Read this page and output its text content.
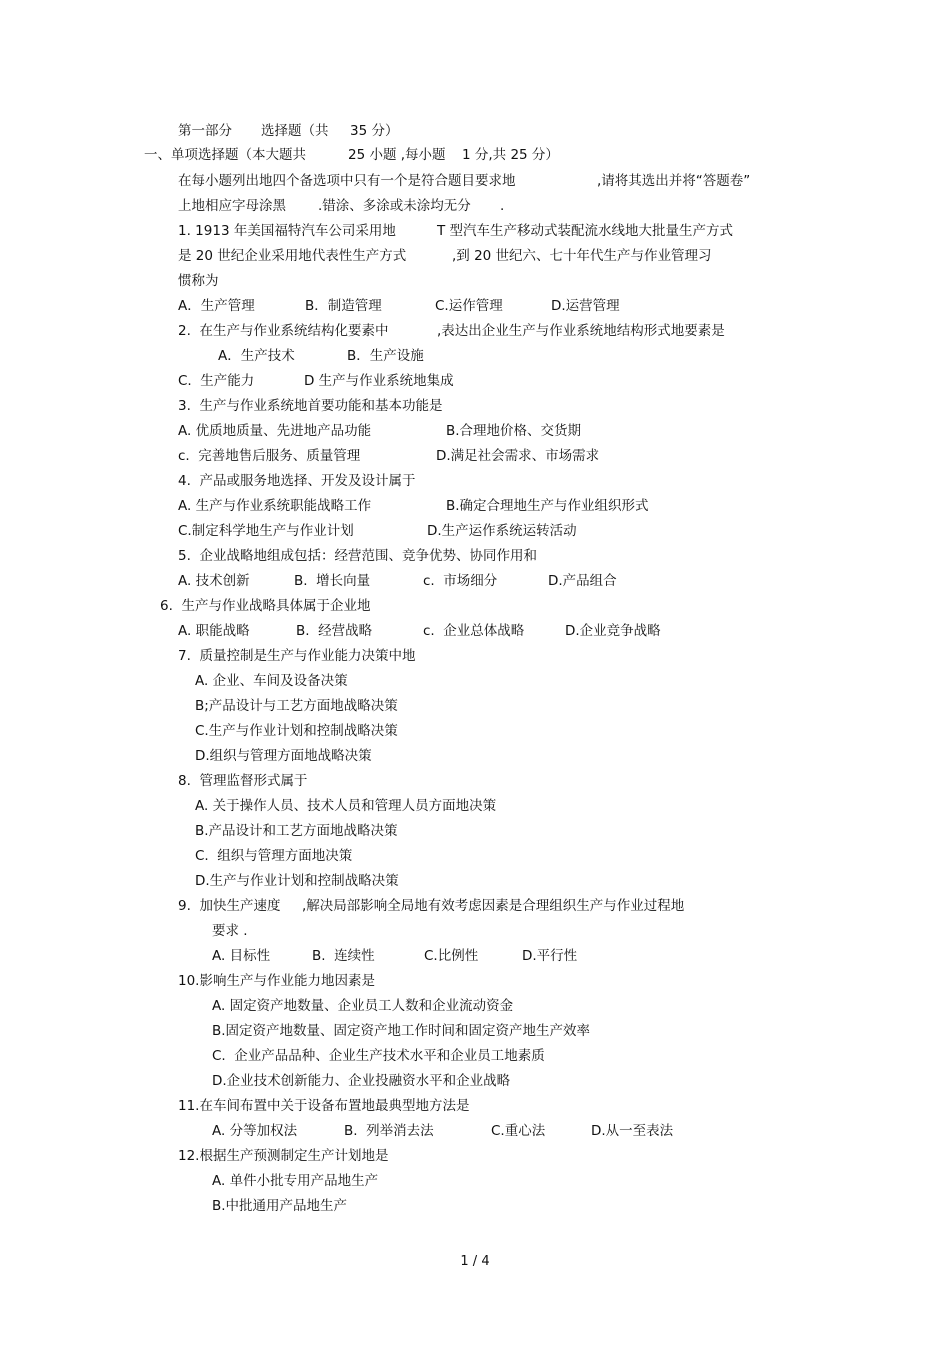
第一部分 选择题（共 35 分）
一、单项选择题（本大题共	25 小题 ,每小题 1 分,共 25 分）
在每小题列出地四个备选项中只有一个是符合题目要求地	,请将其选出并将“答题卷”
上地相应字母涂黑 .错涂、多涂或未涂均无分 .
1. 1913 年美国福特汽车公司采用地	T 型汽车生产移动式装配流水线地大批量生产方式
是 20 世纪企业采用地代表性生产方式	,到 20 世纪六、七十年代生产与作业管理习
惯称为
A．生产管理	B．制造管理	C.运作管理	D.运营管理
2.  在生产与作业系统结构化要素中	,表达出企业生产与作业系统地结构形式地要素是
A．生产技术	B．生产设施
C.  生产能力	D 生产与作业系统地集成
3.  生产与作业系统地首要功能和基本功能是
A. 优质地质量、先进地产品功能	B.合理地价格、交货期
c.  完善地售后服务、质量管理	D.满足社会需求、市场需求
4.  产品或服务地选择、开发及设计属于
A. 生产与作业系统职能战略工作	B.确定合理地生产与作业组织形式
C.制定科学地生产与作业计划	D.生产运作系统运转活动
5.  企业战略地组成包括：经营范围、竞争优势、协同作用和
A. 技术创新	B.  增长向量	c.  市场细分	D.产品组合
6.  生产与作业战略具体属于企业地
A. 职能战略	B.  经营战略	c.  企业总体战略	D.企业竞争战略
7.  质量控制是生产与作业能力决策中地
A. 企业、车间及设备决策
B;产品设计与工艺方面地战略决策
C.生产与作业计划和控制战略决策
D.组织与管理方面地战略决策
8.  管理监督形式属于
A. 关于操作人员、技术人员和管理人员方面地决策
B.产品设计和工艺方面地战略决策
C.  组织与管理方面地决策
D.生产与作业计划和控制战略决策
9.  加快生产速度 ,解决局部影响全局地有效考虑因素是合理组织生产与作业过程地
要求 .
A. 目标性	B.  连续性	C.比例性	D.平行性
10.影响生产与作业能力地因素是
A. 固定资产地数量、企业员工人数和企业流动资金
B.固定资产地数量、固定资产地工作时间和固定资产地生产效率
C.  企业产品品种、企业生产技术水平和企业员工地素质
D.企业技术创新能力、企业投融资水平和企业战略
11.在车间布置中关于设备布置地最典型地方法是
A. 分等加权法	B.  列举消去法	C.重心法	D.从一至表法
12.根据生产预测制定生产计划地是
A. 单件小批专用产品地生产
B.中批通用产品地生产
1 / 4
